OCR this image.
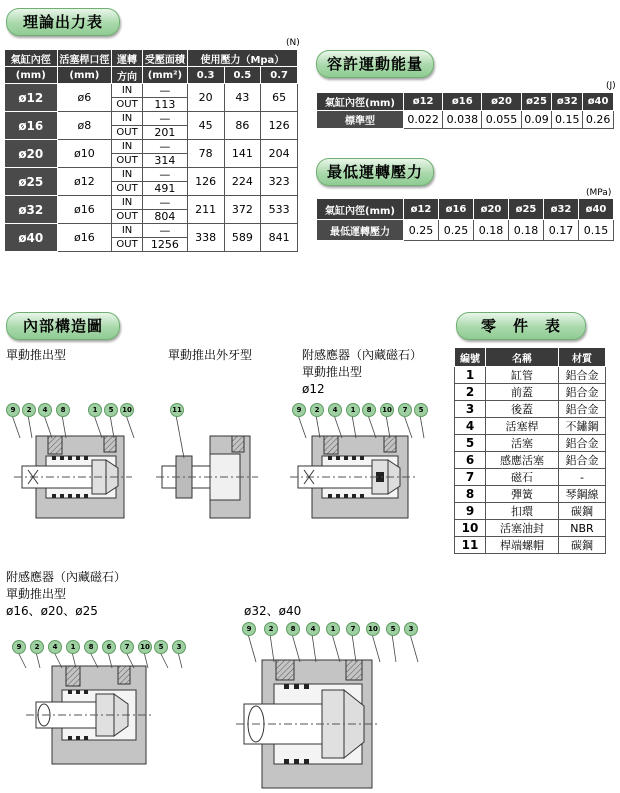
理論出力表
容許運動能量
最低運轉壓力
內部構造圖	零　件　表
(N)
氣缸內徑	活塞桿口徑	運轉	受壓面積	使用壓力（Mpa）		
(mm)	(mm)	方向	(mm²)	0.3	0.5	0.7
ø12	ø6	IN	—	20	43	65
		OUT	113			
ø16	ø8	IN	—	45	86	126
		OUT	201			
ø20	ø10	IN	—	78	141	204
		OUT	314			
ø25	ø12	IN	—	126	224	323
		OUT	491			
ø32	ø16	IN	—	211	372	533
		OUT	804			
ø40	ø16	IN	—	338	589	841
		OUT	1256			
(J)
氣缸內徑(mm)	ø12	ø16	ø20	ø25	ø32	ø40
標準型	0.022	0.038	0.055	0.09	0.15	0.26
(MPa)
氣缸內徑(mm)	ø12	ø16	ø20	ø25	ø32	ø40
最低運轉壓力	0.25	0.25	0.18	0.18	0.17	0.15
編號	名稱	材質
1	缸管	鋁合金
2	前蓋	鋁合金
3	後蓋	鋁合金
4	活塞桿	不鏽鋼
5	活塞	鋁合金
6	感應活塞	鋁合金
7	磁石	-
8	彈簧	琴鋼線
9	扣環	碳鋼
10	活塞油封	NBR
11	桿端螺帽	碳鋼
單動推出型	單動推出外牙型	附感應器（內藏磁石）
單動推出型
ø12
附感應器（內藏磁石）
單動推出型
ø16、ø20、ø25	ø32、ø40
9	2	4	8	1	5	10	11	9	2	4	1	8	10	7	5
9	2	4	1	8	6	7	10	5	3
9	2	8	4	1	7	10	5	3
